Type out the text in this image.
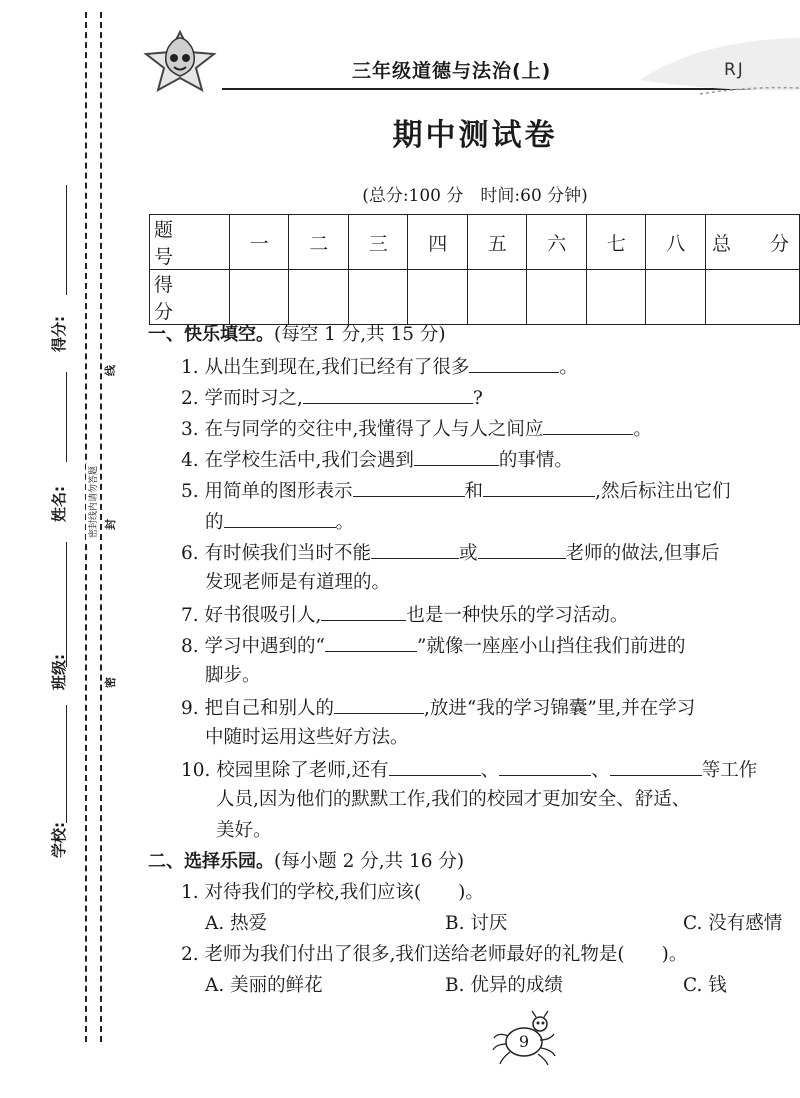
得分:
姓名:
班级:
学校:
密封线内请勿答题
线
封
密
三年级道德与法治(上)	RJ
期中测试卷
(总分:100 分　时间:60 分钟)
题　号	一	二	三	四	五	六	七	八	总　分
得　分									
一、快乐填空。(每空 1 分,共 15 分)
1. 从出生到现在,我们已经有了很多	。
2. 学而时习之,	?
3. 在与同学的交往中,我懂得了人与人之间应	。
4. 在学校生活中,我们会遇到	的事情。
5. 用简单的图形表示	和	,然后标注出它们
的	。
6. 有时候我们当时不能	或	老师的做法,但事后
发现老师是有道理的。
7. 好书很吸引人,	也是一种快乐的学习活动。
8. 学习中遇到的“	”就像一座座小山挡住我们前进的
脚步。
9. 把自己和别人的	,放进“我的学习锦囊”里,并在学习
中随时运用这些好方法。
10. 校园里除了老师,还有	、	、	等工作
人员,因为他们的默默工作,我们的校园才更加安全、舒适、
美好。
二、选择乐园。(每小题 2 分,共 16 分)
1. 对待我们的学校,我们应该(　　)。
A. 热爱	B. 讨厌	C. 没有感情
2. 老师为我们付出了很多,我们送给老师最好的礼物是(　　)。
A. 美丽的鲜花	B. 优异的成绩	C. 钱
9
